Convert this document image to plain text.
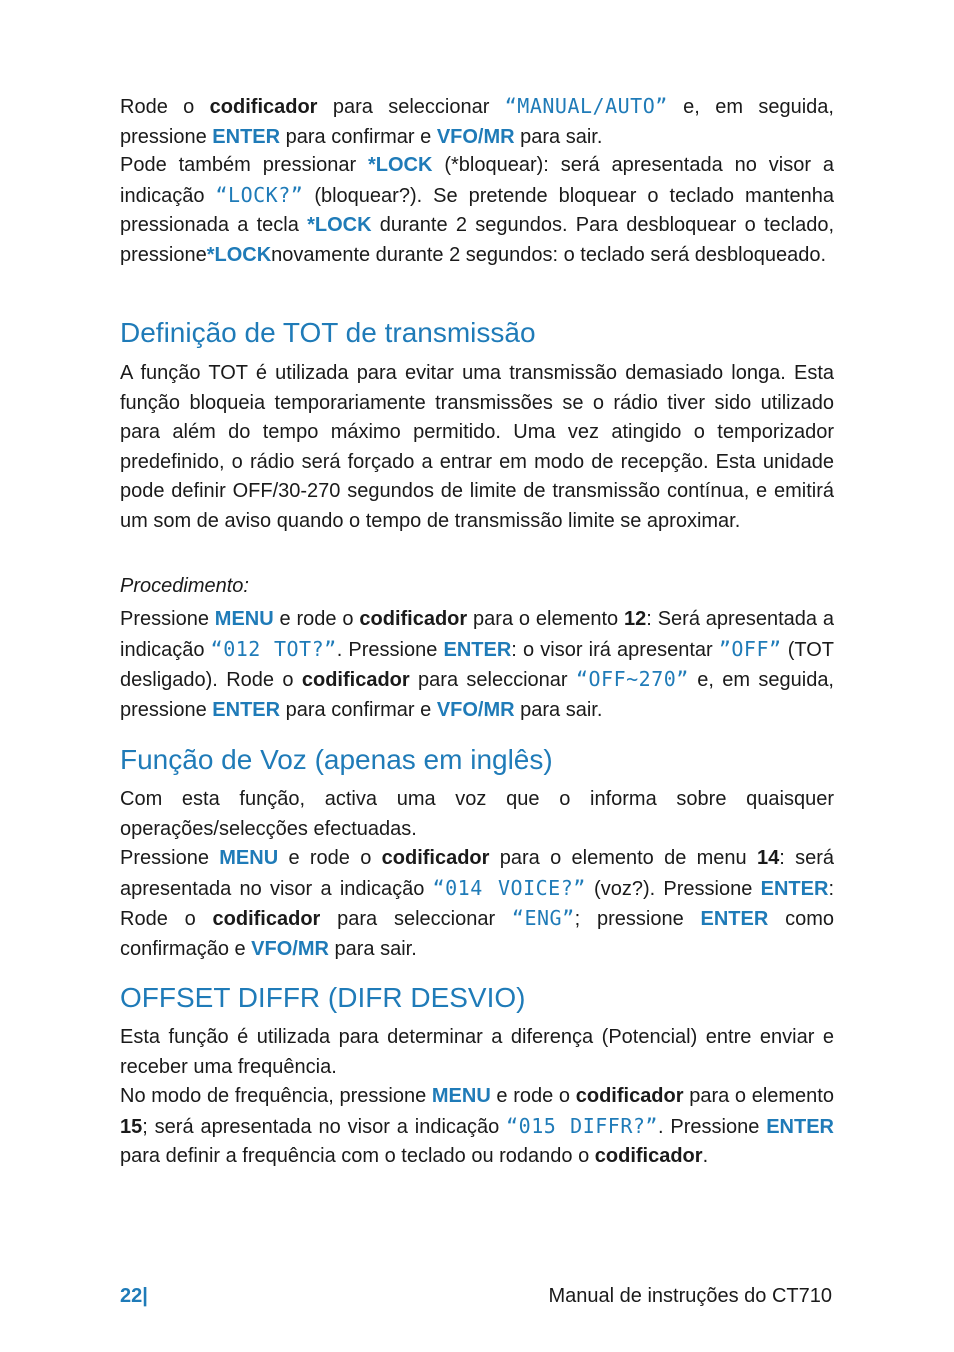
Rode o codificador para seleccionar “MANUAL/AUTO” e, em seguida, pressione ENTER para confirmar e VFO/MR para sair.

Pode também pressionar *LOCK (*bloquear): será apresentada no visor a indicação “LOCK?” (bloquear?). Se pretende bloquear o teclado mantenha pressionada a tecla *LOCK durante 2 segundos. Para desbloquear o teclado, pressione*LOCKnovamente durante 2 segundos: o teclado será desbloqueado.

Definição de TOT de transmissão

A função TOT é utilizada para evitar uma transmissão demasiado longa. Esta função bloqueia temporariamente transmissões se o rádio tiver sido utilizado para além do tempo máximo permitido. Uma vez atingido o temporizador predefinido, o rádio será forçado a entrar em modo de recepção. Esta unidade pode definir OFF/30-270 segundos de limite de transmissão contínua, e emitirá um som de aviso quando o tempo de transmissão limite se aproximar.

Procedimento:

Pressione MENU e rode o codificador para o elemento 12: Será apresentada a indicação “012 TOT?”. Pressione ENTER: o visor irá apresentar ”OFF” (TOT desligado). Rode o codificador para seleccionar “OFF~270” e, em seguida, pressione ENTER para confirmar e VFO/MR para sair.

Função de Voz (apenas em inglês)

Com esta função, activa uma voz que o informa sobre quaisquer operações/selecções efectuadas.

Pressione MENU e rode o codificador para o elemento de menu 14: será apresentada no visor a indicação “014 VOICE?” (voz?). Pressione ENTER: Rode o codificador para seleccionar “ENG”; pressione ENTER como confirmação e VFO/MR para sair.

OFFSET DIFFR (DIFR DESVIO)

Esta função é utilizada para determinar a diferença (Potencial) entre enviar e receber uma frequência.

No modo de frequência, pressione MENU e rode o codificador para o elemento 15; será apresentada no visor a indicação “015 DIFFR?”. Pressione ENTER para definir a frequência com o teclado ou rodando o codificador.

22|	Manual de instruções do CT710
